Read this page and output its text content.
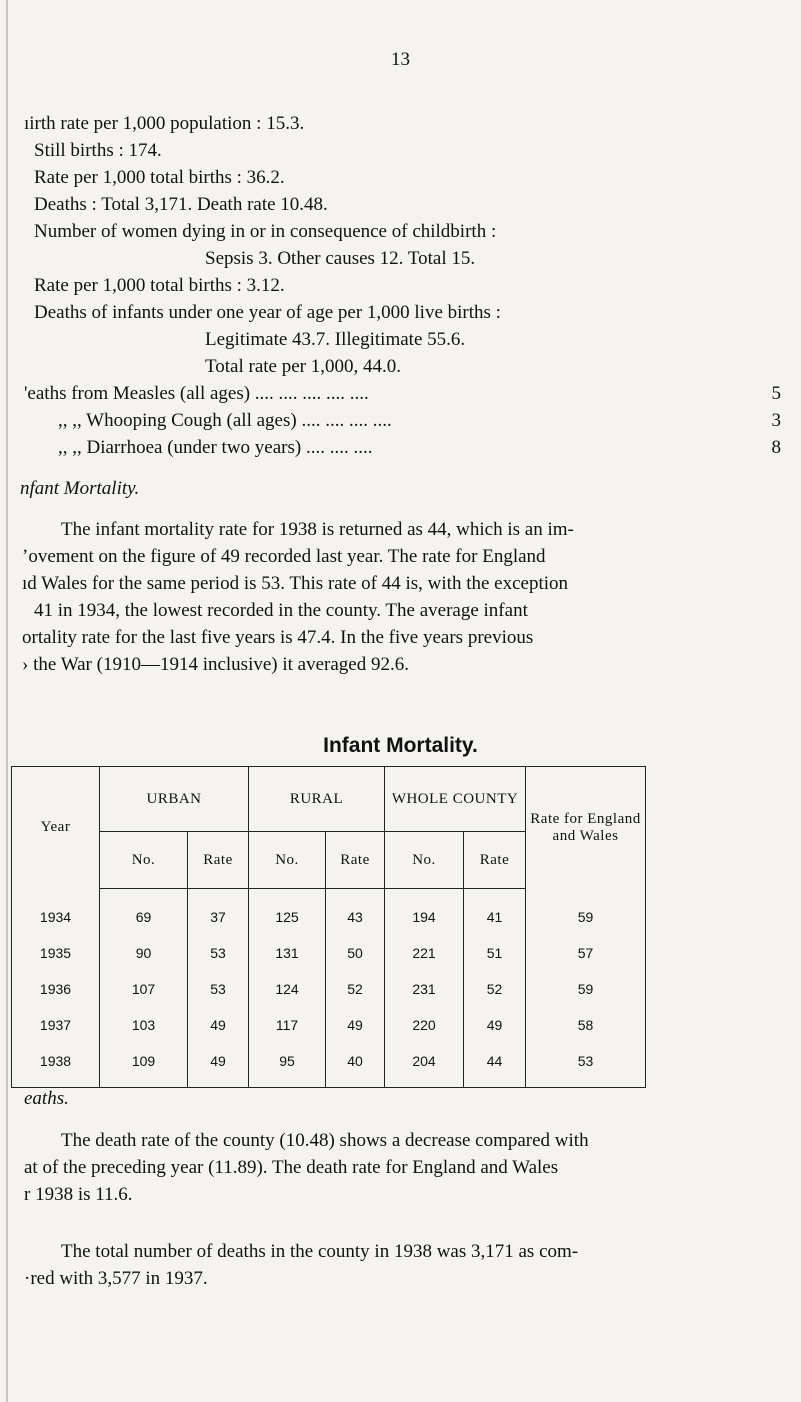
13
ıirth rate per 1,000 population : 15.3.
Still births : 174.
Rate per 1,000 total births : 36.2.
Deaths : Total 3,171. Death rate 10.48.
Number of women dying in or in consequence of childbirth :
Sepsis 3. Other causes 12. Total 15.
Rate per 1,000 total births : 3.12.
Deaths of infants under one year of age per 1,000 live births :
Legitimate 43.7. Illegitimate 55.6.
Total rate per 1,000, 44.0.
'eaths from Measles (all ages) .... .... .... .... ....	5
,, ,, Whooping Cough (all ages) .... .... .... ....	3
,, ,, Diarrhoea (under two years) .... .... ....	8
nfant Mortality.
The infant mortality rate for 1938 is returned as 44, which is an im-
’ovement on the figure of 49 recorded last year. The rate for England
ıd Wales for the same period is 53. This rate of 44 is, with the exception
41 in 1934, the lowest recorded in the county. The average infant
ortality rate for the last five years is 47.4. In the five years previous
› the War (1910—1914 inclusive) it averaged 92.6.
Infant Mortality.
Year	URBAN		RURAL		WHOLE COUNTY		Rate for England and Wales
	No.	Rate	No.	Rate	No.	Rate	
1934	69	37	125	43	194	41	59
1935	90	53	131	50	221	51	57
1936	107	53	124	52	231	52	59
1937	103	49	117	49	220	49	58
1938	109	49	95	40	204	44	53
eaths.
The death rate of the county (10.48) shows a decrease compared with
at of the preceding year (11.89). The death rate for England and Wales
r 1938 is 11.6.
The total number of deaths in the county in 1938 was 3,171 as com-
·red with 3,577 in 1937.
